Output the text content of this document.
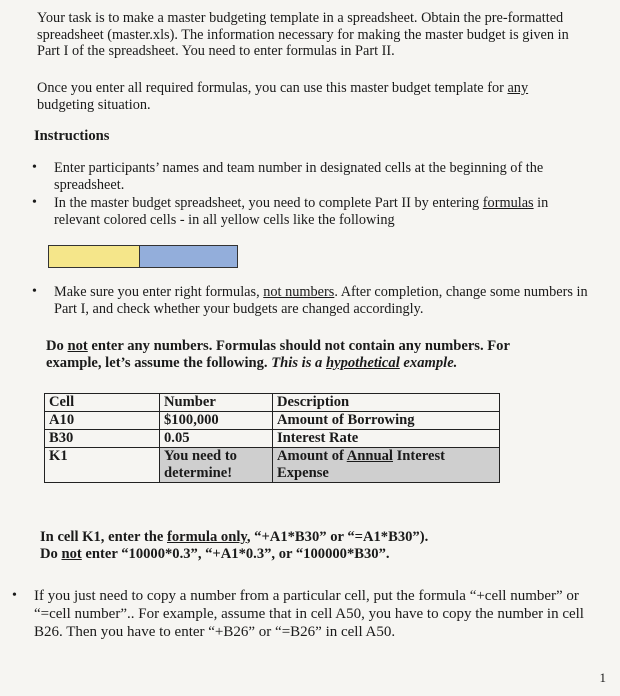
Your task is to make a master budgeting template in a spreadsheet. Obtain the pre-formatted spreadsheet (master.xls). The information necessary for making the master budget is given in Part I of the spreadsheet. You need to enter formulas in Part II.

Once you enter all required formulas, you can use this master budget template for any budgeting situation.

Instructions
• Enter participants’ names and team number in designated cells at the beginning of the spreadsheet.
• In the master budget spreadsheet, you need to complete Part II by entering formulas in relevant colored cells - in all yellow cells like the following
• Make sure you enter right formulas, not numbers. After completion, change some numbers in Part I, and check whether your budgets are changed accordingly.

Do not enter any numbers. Formulas should not contain any numbers. For example, let’s assume the following. This is a hypothetical example.

Cell	Number	Description
A10	$100,000	Amount of Borrowing
B30	0.05	Interest Rate
K1	You need to determine!	Amount of Annual Interest Expense

In cell K1, enter the formula only, “+A1*B30” or “=A1*B30”).

Do not enter “10000*0.3”, “+A1*0.3”, or “100000*B30”.

• If you just need to copy a number from a particular cell, put the formula “+cell number” or “=cell number”.. For example, assume that in cell A50, you have to copy the number in cell B26. Then you have to enter “+B26” or “=B26” in cell A50.
1
